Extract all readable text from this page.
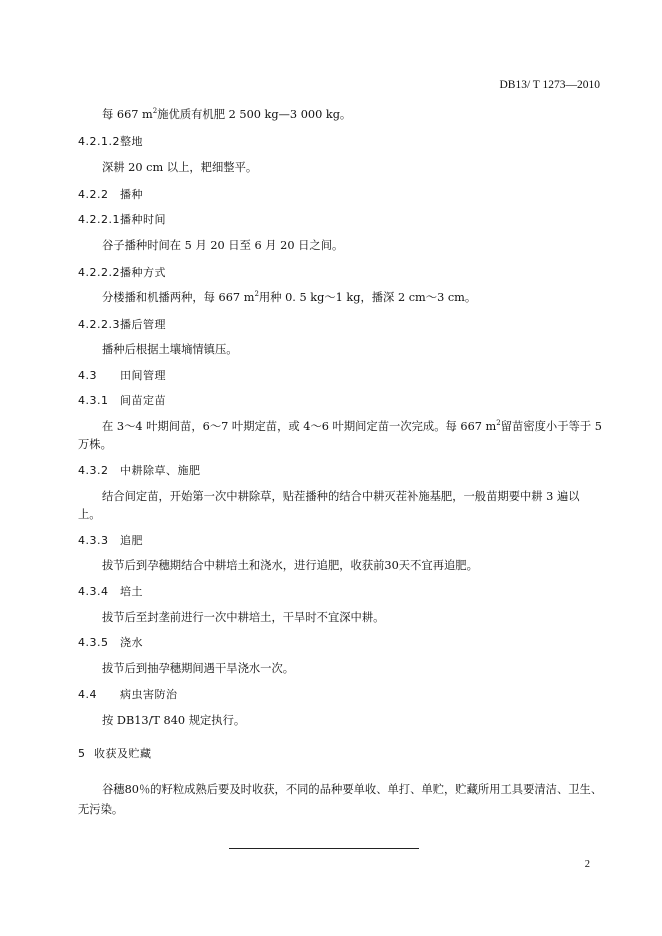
DB13/ T 1273—2010
每 667 $m^2$施优质有机肥 2 500 kg—3 000 kg。
4.2.1.2整地
深耕 20 cm 以上，耙细整平。
4.2.2 播种
4.2.2.1播种时间
谷子播种时间在 5 月 20 日至 6 月 20 日之间。
4.2.2.2播种方式
分楼播和机播两种，每 667 $m^2$用种 0. 5 kg～1 kg，播深 2 cm～3 cm。
4.2.2.3播后管理
播种后根据土壤墒情镇压。
4.3 田间管理
4.3.1 间苗定苗
在 3～4 叶期间苗，6～7 叶期定苗，或 4～6 叶期间定苗一次完成。每 667 $m^2$留苗密度小于等于 5
万株。
4.3.2 中耕除草、施肥
结合间定苗，开始第一次中耕除草，贴茬播种的结合中耕灭茬补施基肥，一般苗期要中耕 3 遍以
上。
4.3.3 追肥
拔节后到孕穗期结合中耕培土和浇水，进行追肥，收获前30天不宜再追肥。
4.3.4 培土
拔节后至封垄前进行一次中耕培土，干旱时不宜深中耕。
4.3.5 浇水
拔节后到抽孕穗期间遇干旱浇水一次。
4.4 病虫害防治
按 DB13/T 840 规定执行。
5 收获及贮藏
谷穗80％的籽粒成熟后要及时收获，不同的品种要单收、单打、单贮，贮藏所用工具要清洁、卫生、
无污染。
2
